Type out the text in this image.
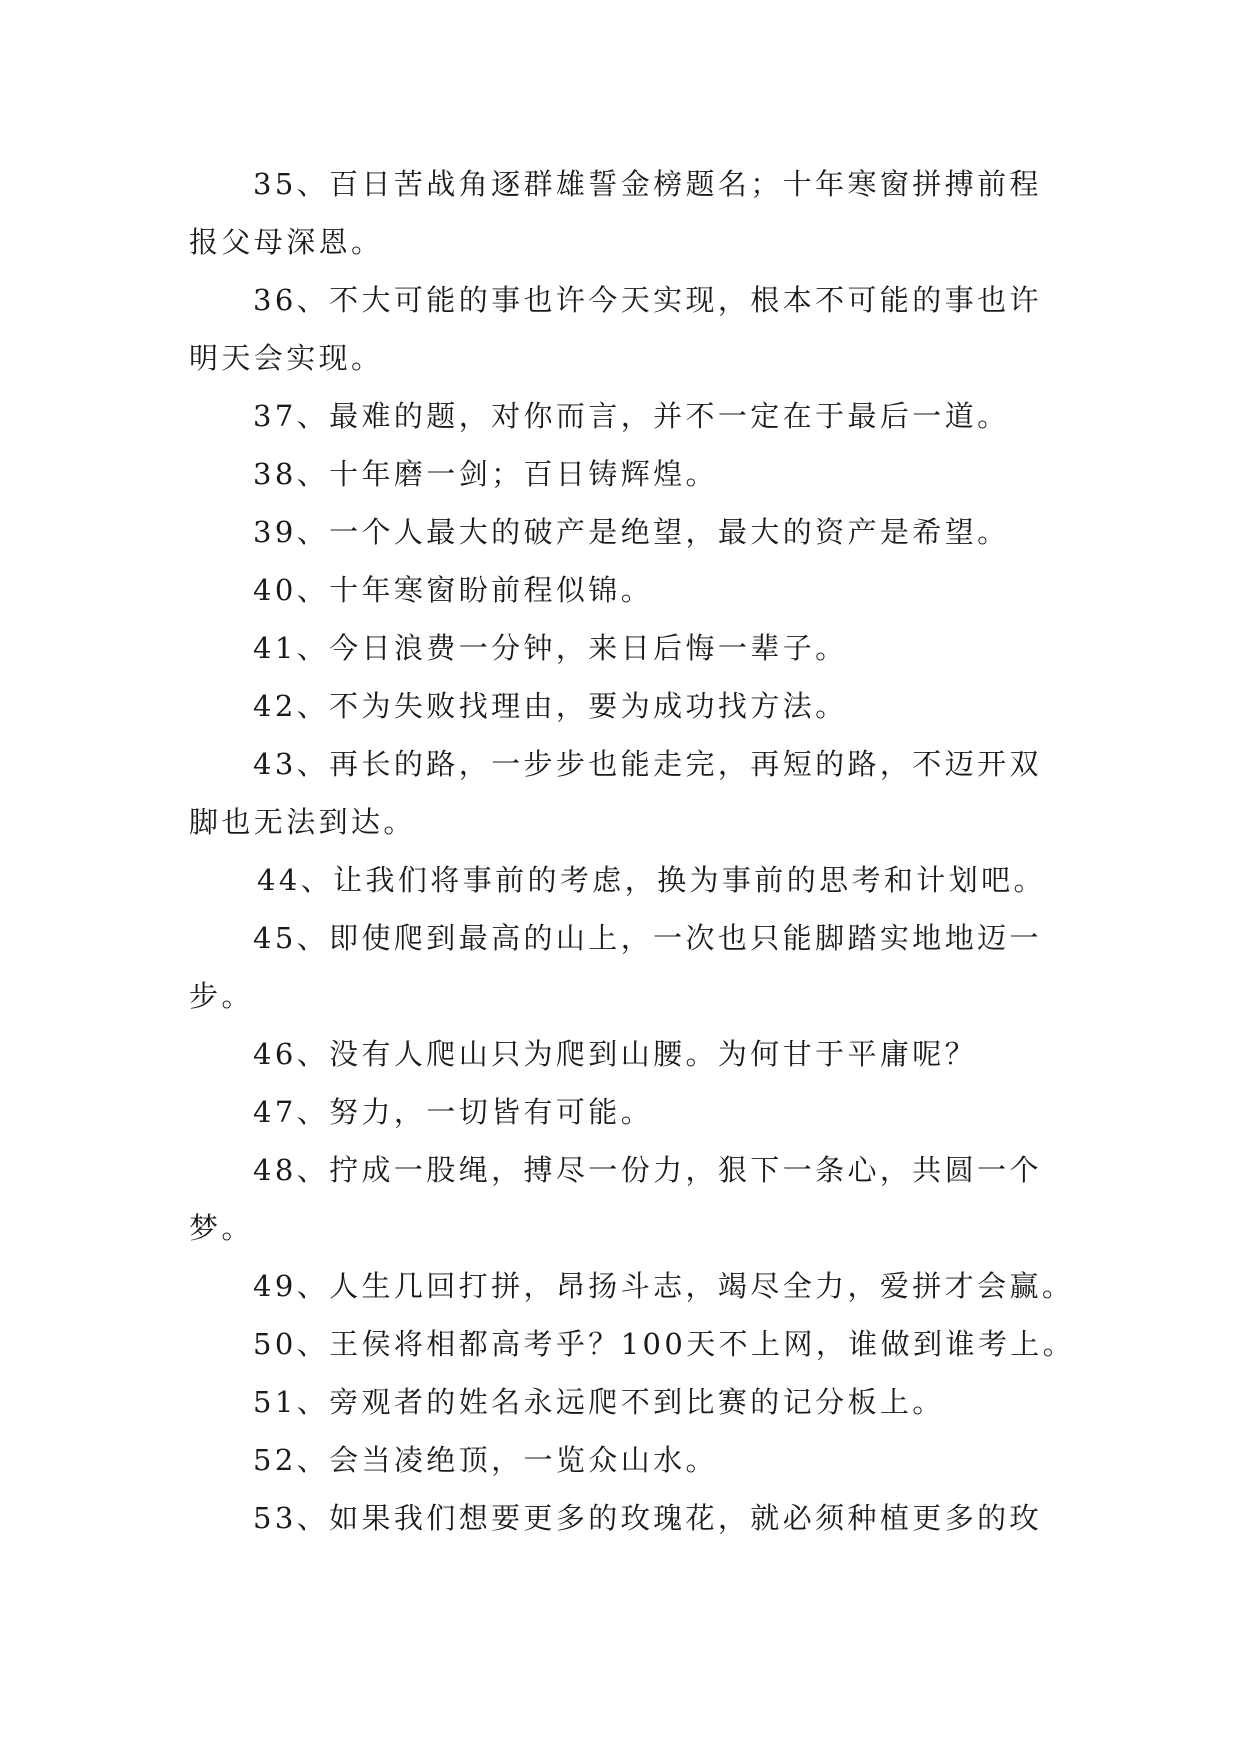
35、百日苦战角逐群雄誓金榜题名；十年寒窗拼搏前程
报父母深恩。
36、不大可能的事也许今天实现，根本不可能的事也许
明天会实现。
37、最难的题，对你而言，并不一定在于最后一道。
38、十年磨一剑；百日铸辉煌。
39、一个人最大的破产是绝望，最大的资产是希望。
40、十年寒窗盼前程似锦。
41、今日浪费一分钟，来日后悔一辈子。
42、不为失败找理由，要为成功找方法。
43、再长的路，一步步也能走完，再短的路，不迈开双
脚也无法到达。
44、让我们将事前的考虑，换为事前的思考和计划吧。
45、即使爬到最高的山上，一次也只能脚踏实地地迈一
步。
46、没有人爬山只为爬到山腰。为何甘于平庸呢？
47、努力，一切皆有可能。
48、拧成一股绳，搏尽一份力，狠下一条心，共圆一个
梦。
49、人生几回打拼，昂扬斗志，竭尽全力，爱拼才会赢。
50、王侯将相都高考乎？100天不上网，谁做到谁考上。
51、旁观者的姓名永远爬不到比赛的记分板上。
52、会当凌绝顶，一览众山水。
53、如果我们想要更多的玫瑰花，就必须种植更多的玫
